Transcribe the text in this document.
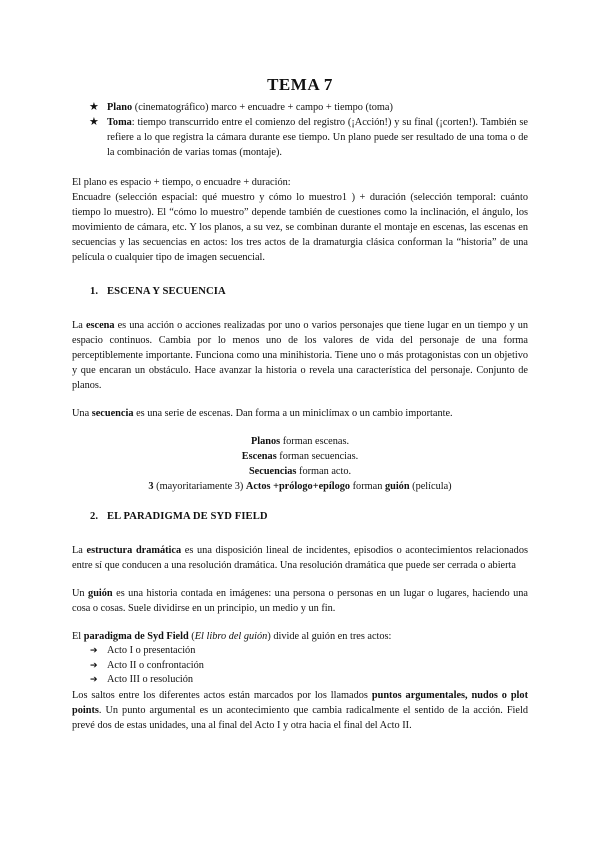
TEMA 7
★ Plano (cinematográfico) marco + encuadre + campo + tiempo (toma)
★ Toma: tiempo transcurrido entre el comienzo del registro (¡Acción!) y su final (¡corten!). También se refiere a lo que registra la cámara durante ese tiempo. Un plano puede ser resultado de una toma o de la combinación de varias tomas (montaje).

El plano es espacio + tiempo, o encuadre + duración:

Encuadre (selección espacial: qué muestro y cómo lo muestro1 ) + duración (selección temporal: cuánto tiempo lo muestro). El “cómo lo muestro” depende también de cuestiones como la inclinación, el ángulo, los movimiento de cámara, etc. Y los planos, a su vez, se combinan durante el montaje en escenas, las escenas en secuencias y las secuencias en actos: los tres actos de la dramaturgia clásica conforman la “historia” de una película o cualquier tipo de imagen secuencial.

1. ESCENA Y SECUENCIA

La escena es una acción o acciones realizadas por uno o varios personajes que tiene lugar en un tiempo y un espacio continuos. Cambia por lo menos uno de los valores de vida del personaje de una forma perceptiblemente importante. Funciona como una minihistoria. Tiene uno o más protagonistas con un objetivo y que encaran un obstáculo. Hace avanzar la historia o revela una característica del personaje. Conjunto de planos.

Una secuencia es una serie de escenas. Dan forma a un miniclímax o un cambio importante.

Planos forman escenas.
Escenas forman secuencias.
Secuencias forman acto.
3 (mayoritariamente 3) Actos +prólogo+epílogo forman guión (película)
2. EL PARADIGMA DE SYD FIELD

La estructura dramática es una disposición lineal de incidentes, episodios o acontecimientos relacionados entre sí que conducen a una resolución dramática. Una resolución dramática que puede ser cerrada o abierta

Un guión es una historia contada en imágenes: una persona o personas en un lugar o lugares, haciendo una cosa o cosas. Suele dividirse en un principio, un medio y un fin.

El paradigma de Syd Field (El libro del guión) divide al guión en tres actos:

➔ Acto I o presentación
➔ Acto II o confrontación
➔ Acto III o resolución

Los saltos entre los diferentes actos están marcados por los llamados puntos argumentales, nudos o plot points. Un punto argumental es un acontecimiento que cambia radicalmente el sentido de la acción. Field prevé dos de estas unidades, una al final del Acto I y otra hacia el final del Acto II.
